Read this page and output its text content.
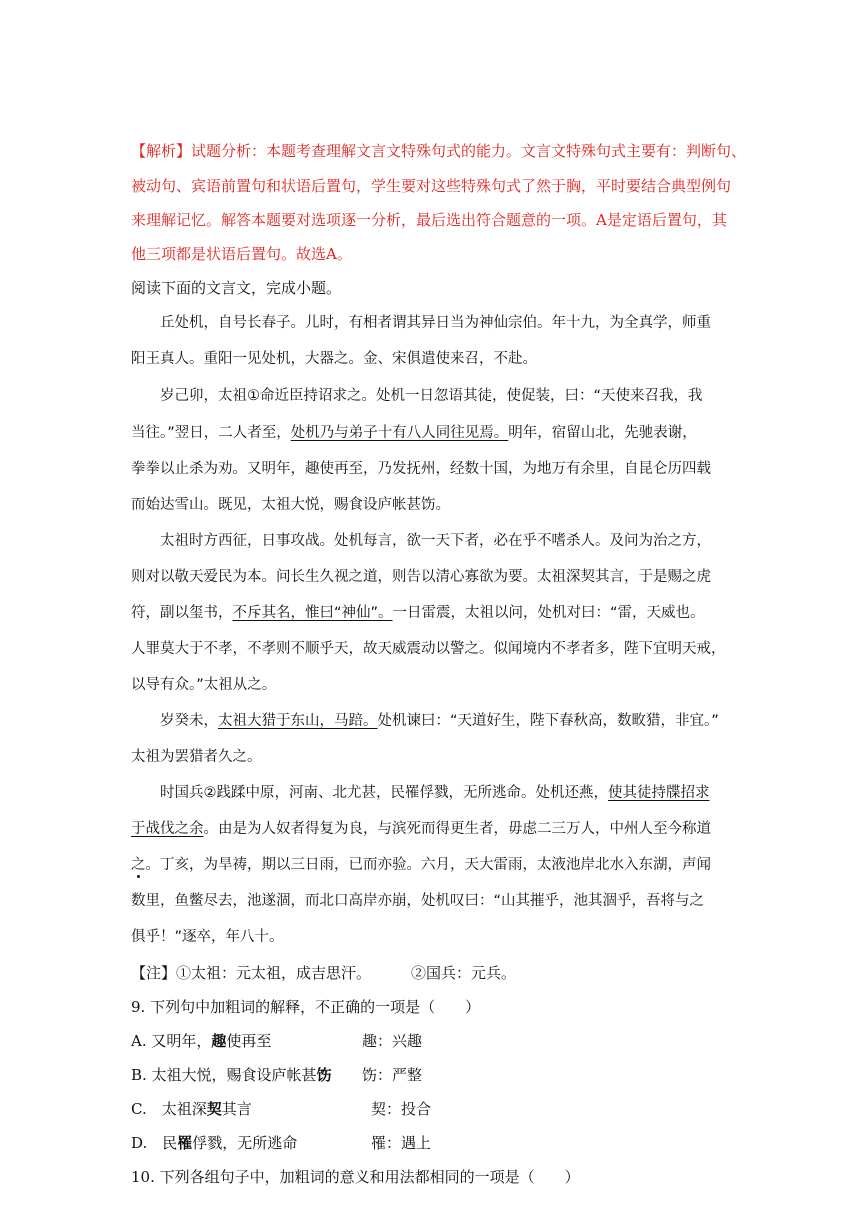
【解析】试题分析：本题考查理解文言文特殊句式的能力。文言文特殊句式主要有：判断句、
被动句、宾语前置句和状语后置句，学生要对这些特殊句式了然于胸，平时要结合典型例句
来理解记忆。解答本题要对选项逐一分析，最后选出符合题意的一项。A是定语后置句，其
他三项都是状语后置句。故选A。
阅读下面的文言文，完成小题。
丘处机，自号长春子。儿时，有相者谓其异日当为神仙宗伯。年十九，为全真学，师重
阳王真人。重阳一见处机，大器之。金、宋俱遣使来召，不赴。
岁己卯，太祖①命近臣持诏求之。处机一日忽语其徒，使促装，曰：“天使来召我，我
当往。”翌日，二人者至，处机乃与弟子十有八人同往见焉。明年，宿留山北，先驰表谢，
拳拳以止杀为劝。又明年，趣使再至，乃发抚州，经数十国，为地万有余里，自昆仑历四载
而始达雪山。既见，太祖大悦，赐食设庐帐甚饬。
太祖时方西征，日事攻战。处机每言，欲一天下者，必在乎不嗜杀人。及问为治之方，
则对以敬天爱民为本。问长生久视之道，则告以清心寡欲为要。太祖深契其言，于是赐之虎
符，副以玺书，不斥其名，惟曰“神仙”。一日雷震，太祖以问，处机对曰：“雷，天威也。
人罪莫大于不孝，不孝则不顺乎天，故天威震动以警之。似闻境内不孝者多，陛下宜明天戒，
以导有众。”太祖从之。
岁癸未，太祖大猎于东山，马踣。处机谏曰：“天道好生，陛下春秋高，数畋猎，非宜。”
太祖为罢猎者久之。
时国兵②践蹂中原，河南、北尤甚，民罹俘戮，无所逃命。处机还燕，使其徒持牒招求
于战伐之余。由是为人奴者得复为良，与滨死而得更生者，毋虑二三万人，中州人至今称道
之。丁亥，为旱祷，期以三日雨，已而亦验。六月，天大雷雨，太液池岸北水入东湖，声闻
数里，鱼鳖尽去，池遂涸，而北口高岸亦崩，处机叹曰：“山其摧乎，池其涸乎，吾将与之
俱乎！”逐卒，年八十。
【注】①太祖：元太祖，成吉思汗。	②国兵：元兵。
9. 下列句中加粗词的解释，不正确的一项是（　　）
A. 又明年，趣使再至	趣：兴趣
B. 太祖大悦，赐食设庐帐甚饬 饬：严整
C.　太祖深契其言	契：投合
D.　民罹俘戮，无所逃命	罹：遇上
10. 下列各组句子中，加粗词的意义和用法都相同的一项是（　　）
